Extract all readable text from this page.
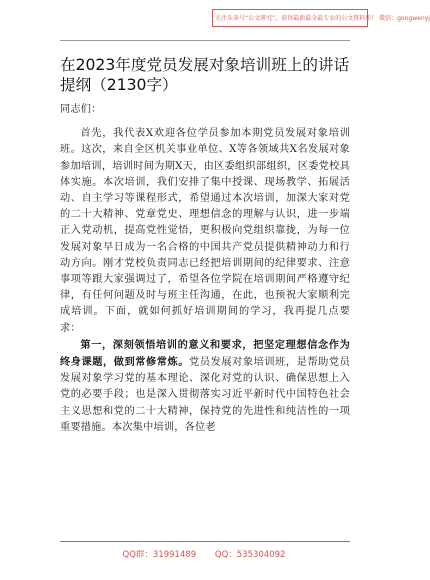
关注头条号“公文研究”，获得最新最全最专业的公文资料库！ 微信：gongwenyj
在2023年度党员发展对象培训班上的讲话提纲（2130字）

同志们：

首先，我代表X欢迎各位学员参加本期党员发展对象培训班。这次，来自全区机关事业单位、X等各领域共X名发展对象参加培训，培训时间为期X天，由区委组织部组织，区委党校具体实施。本次培训，我们安排了集中授课、现场教学、拓展活动、自主学习等课程形式，希望通过本次培训，加深大家对党的二十大精神、党章党史、理想信念的理解与认识，进一步端正入党动机，提高党性觉悟，更积极向党组织靠拢，为每一位发展对象早日成为一名合格的中国共产党员提供精神动力和行动方向。刚才党校负责同志已经把培训期间的纪律要求、注意事项等跟大家强调过了，希望各位学院在培训期间严格遵守纪律，有任何问题及时与班主任沟通，在此，也预祝大家顺利完成培训。下面，就如何抓好培训期间的学习，我再提几点要求：

第一，深刻领悟培训的意义和要求，把坚定理想信念作为终身课题，做到常修常炼。党员发展对象培训班，是帮助党员发展对象学习党的基本理论、深化对党的认识、确保思想上入党的必要手段；也是深入贯彻落实习近平新时代中国特色社会主义思想和党的二十大精神，保持党的先进性和纯洁性的一项重要措施。本次集中培训，各位老

QQ群：31991489 QQ：535304092
